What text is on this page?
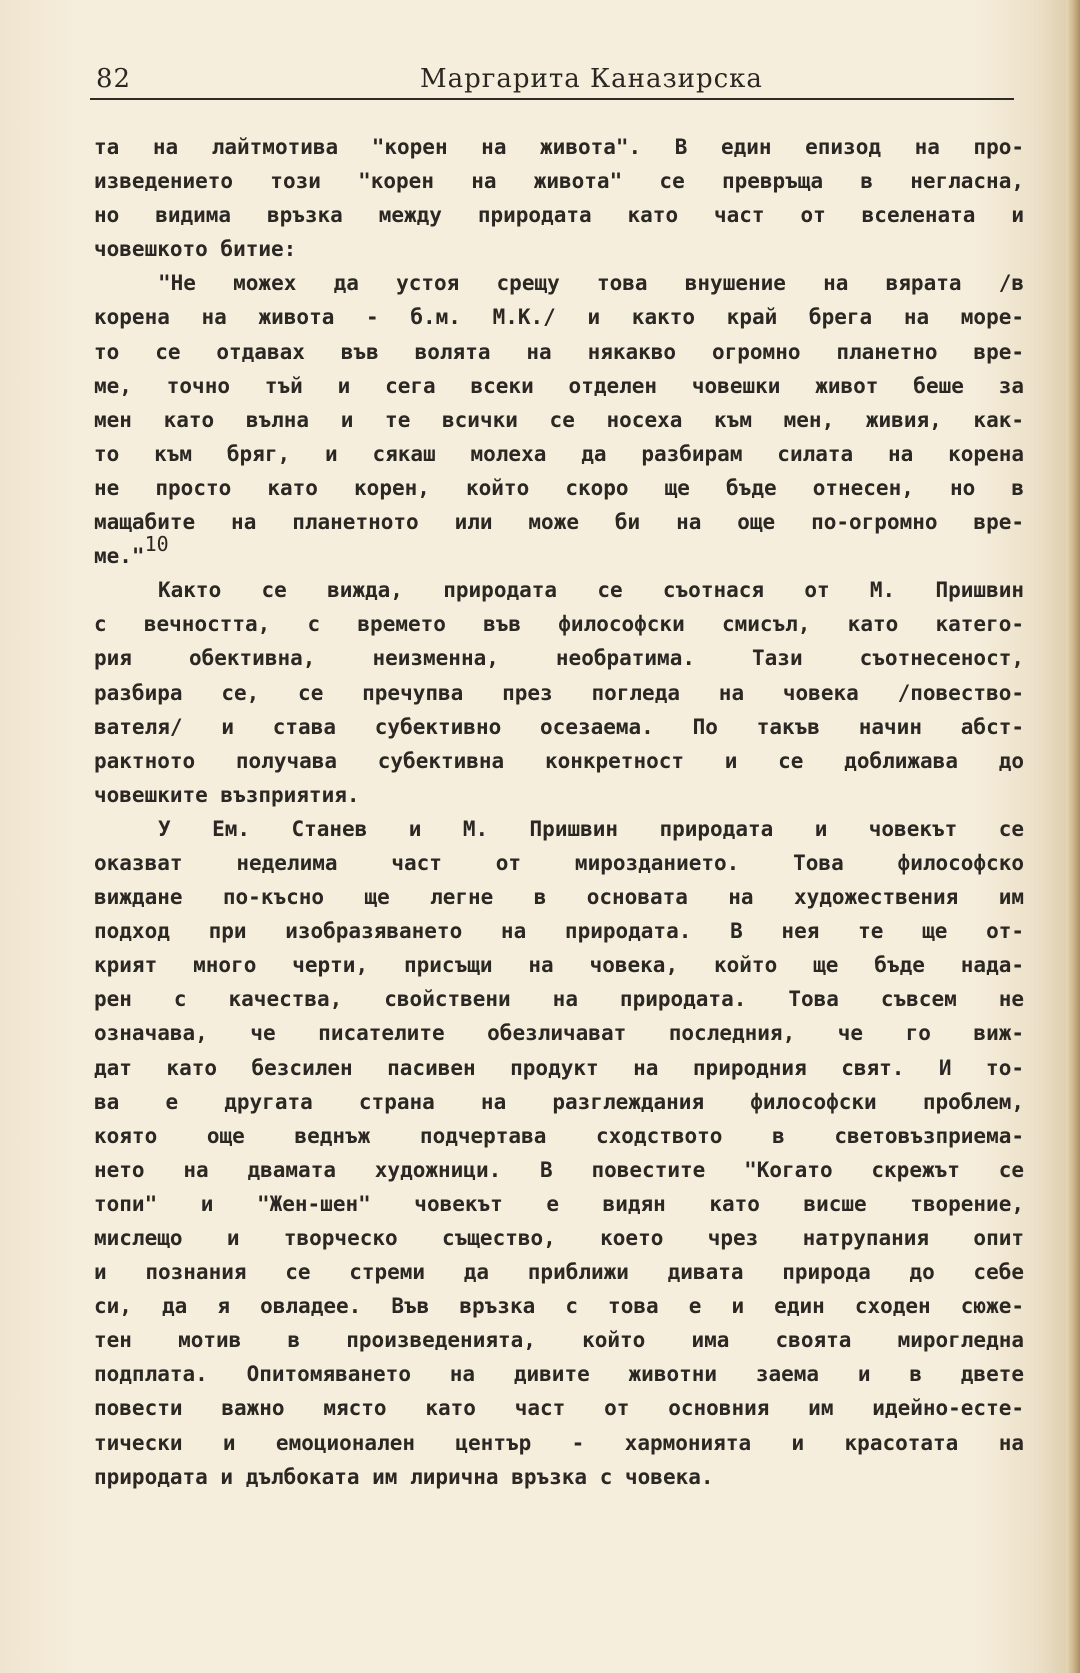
82	Маргарита Каназирска
та на лайтмотива "корен на живота". В един епизод на про-
изведението този "корен на живота" се превръща в негласна,
но видима връзка между природата като част от вселената и
човешкото битие:
"Не можех да устоя срещу това внушение на вярата /в
корена на живота - б.м. М.К./ и както край брега на море-
то се отдавах във волята на някакво огромно планетно вре-
ме, точно тъй и сега всеки отделен човешки живот беше за
мен като вълна и те всички се носеха към мен, живия, как-
то към бряг, и сякаш молеха да разбирам силата на корена
не просто като корен, който скоро ще бъде отнесен, но в
мащабите на планетното или може би на още по-огромно вре-
ме."$^{10}$
Както се вижда, природата се съотнася от М. Пришвин
с вечността, с времето във философски смисъл, като катего-
рия обективна, неизменна, необратима. Тази съотнесеност,
разбира се, се пречупва през погледа на човека /повество-
вателя/ и става субективно осезаема. По такъв начин абст-
рактното получава субективна конкретност и се доближава до
човешките възприятия.
У Ем. Станев и М. Пришвин природата и човекът се
оказват неделима част от мирозданието. Това философско
виждане по-късно ще легне в основата на художествения им
подход при изобразяването на природата. В нея те ще от-
крият много черти, присъщи на човека, който ще бъде нада-
рен с качества, свойствени на природата. Това съвсем не
означава, че писателите обезличават последния, че го виж-
дат като безсилен пасивен продукт на природния свят. И то-
ва е другата страна на разглеждания философски проблем,
която още веднъж подчертава сходството в световъзприема-
нето на двамата художници. В повестите "Когато скрежът се
топи" и "Жен-шен" човекът е видян като висше творение,
мислещо и творческо същество, което чрез натрупания опит
и познания се стреми да приближи дивата природа до себе
си, да я овладее. Във връзка с това е и един сходен сюже-
тен мотив в произведенията, който има своята мирогледна
подплата. Опитомяването на дивите животни заема и в двете
повести важно място като част от основния им идейно-есте-
тически и емоционален център - хармонията и красотата на
природата и дълбоката им лирична връзка с човека.
